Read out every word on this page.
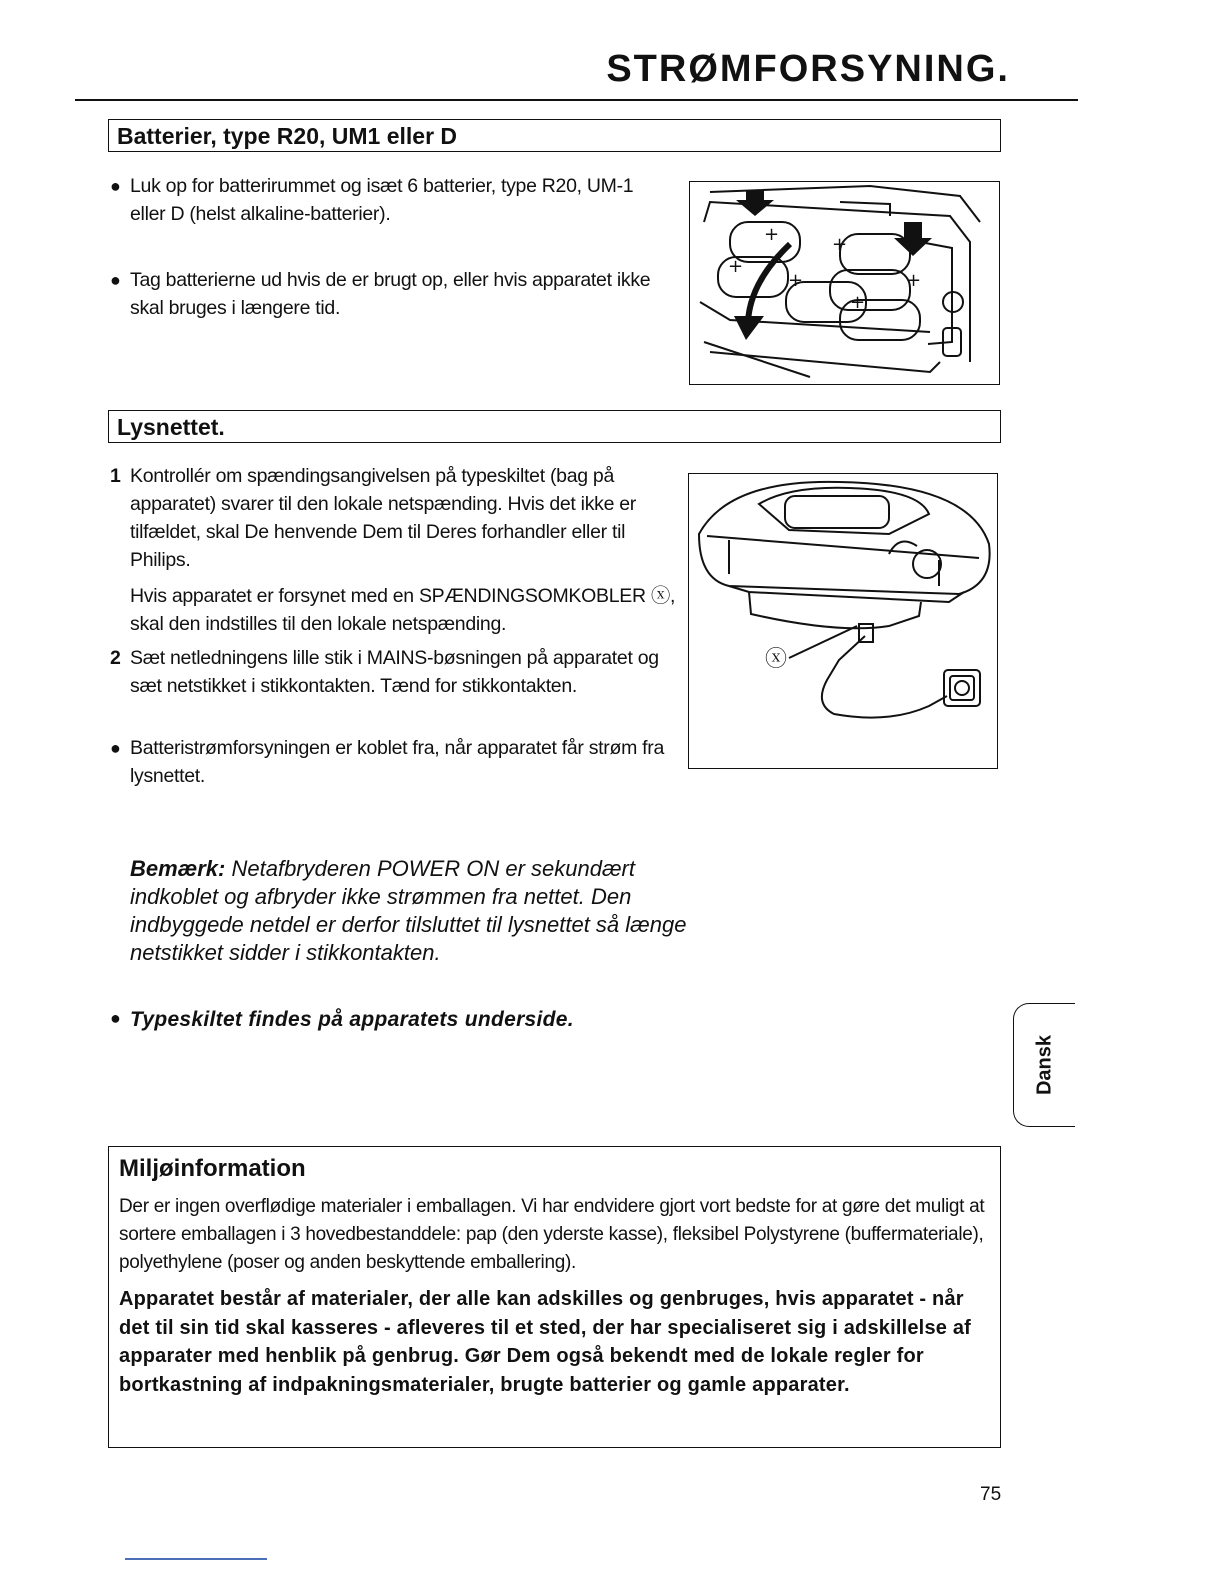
STRØMFORSYNING.
Batterier, type R20, UM1 eller D
● Luk op for batterirummet og isæt 6 batterier, type R20, UM-1 eller D (helst alkaline-batterier).
● Tag batterierne ud hvis de er brugt op, eller hvis apparatet ikke skal bruges i længere tid.
+	+
+
+	+
+
Lysnettet.
1 Kontrollér om spændingsangivelsen på typeskiltet (bag på apparatet) svarer til den lokale netspænding. Hvis det ikke er tilfældet, skal De henvende Dem til Deres forhandler eller til Philips.
Hvis apparatet er forsynet med en SPÆNDINGSOMKOBLER ⓧ, skal den indstilles til den lokale netspænding.
2 Sæt netledningens lille stik i MAINS-bøsningen på apparatet og sæt netstikket i stikkontakten. Tænd for stikkontakten.
● Batteristrømforsyningen er koblet fra, når apparatet får strøm fra lysnettet.
ⓧ
Bemærk: Netafbryderen POWER ON er sekundært indkoblet og afbryder ikke strømmen fra nettet. Den indbyggede netdel er derfor tilsluttet til lysnettet så længe netstikket sidder i stikkontakten.
● Typeskiltet findes på apparatets underside.
Dansk
Miljøinformation

Der er ingen overflødige materialer i emballagen. Vi har endvidere gjort vort bedste for at gøre det muligt at sortere emballagen i 3 hovedbestanddele: pap (den yderste kasse), fleksibel Polystyrene (buffermateriale), polyethylene (poser og anden beskyttende emballering).

Apparatet består af materialer, der alle kan adskilles og genbruges, hvis apparatet - når det til sin tid skal kasseres - afleveres til et sted, der har specialiseret sig i adskillelse af apparater med henblik på genbrug. Gør Dem også bekendt med de lokale regler for bortkastning af indpakningsmaterialer, brugte batterier og gamle apparater.

75
